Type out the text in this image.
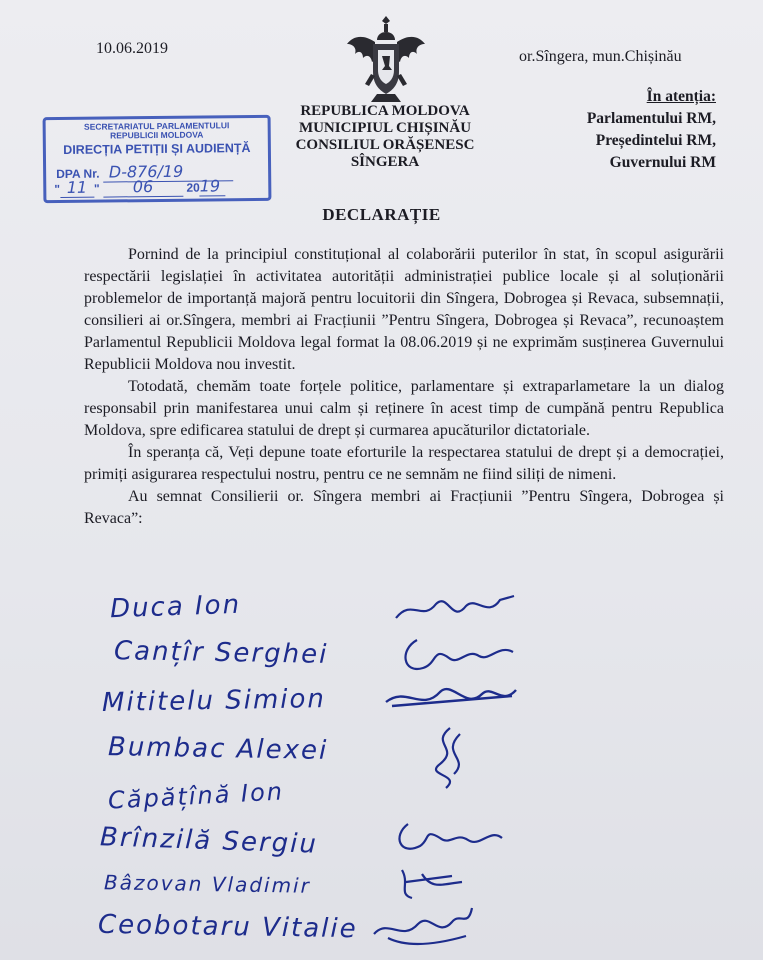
10.06.2019	or.Sîngera, mun.Chișinău
REPUBLICA MOLDOVA
MUNICIPIUL CHIȘINĂU
CONSILIUL ORĂȘENESC
SÎNGERA
În atenția:
Parlamentului RM,
Președintelui RM,
Guvernului RM
SECRETARIATUL PARLAMENTULUI
REPUBLICII MOLDOVA
DIRECȚIA PETIȚII ȘI AUDIENȚĂ
DPA Nr. D-876/19
" 11 " 06	2019
DECLARAȚIE

Pornind de la principiul constituțional al colaborării puterilor în stat, în scopul asigurării respectării legislației în activitatea autorității administrației publice locale și al soluționării problemelor de importanță majoră pentru locuitorii din Sîngera, Dobrogea și Revaca, subsemnații, consilieri ai or.Sîngera, membri ai Fracțiunii ”Pentru Sîngera, Dobrogea și Revaca”, recunoaștem Parlamentul Republicii Moldova legal format la 08.06.2019 și ne exprimăm susținerea Guvernului Republicii Moldova nou investit.

Totodată, chemăm toate forțele politice, parlamentare și extraparlametare la un dialog responsabil prin manifestarea unui calm și reținere în acest timp de cumpănă pentru Republica Moldova, spre edificarea statului de drept și curmarea apucăturilor dictatoriale.

În speranța că, Veți depune toate eforturile la respectarea statului de drept și a democrației, primiți asigurarea respectului nostru, pentru ce ne semnăm ne fiind siliți de nimeni.

Au semnat Consilierii or. Sîngera membri ai Fracțiunii ”Pentru Sîngera, Dobrogea și Revaca”:

Duca Ion
Canțîr Serghei
Mititelu Simion
Bumbac Alexei
Căpățînă Ion
Brînzilă Sergiu
Bâzovan Vladimir
Ceobotaru Vitalie
